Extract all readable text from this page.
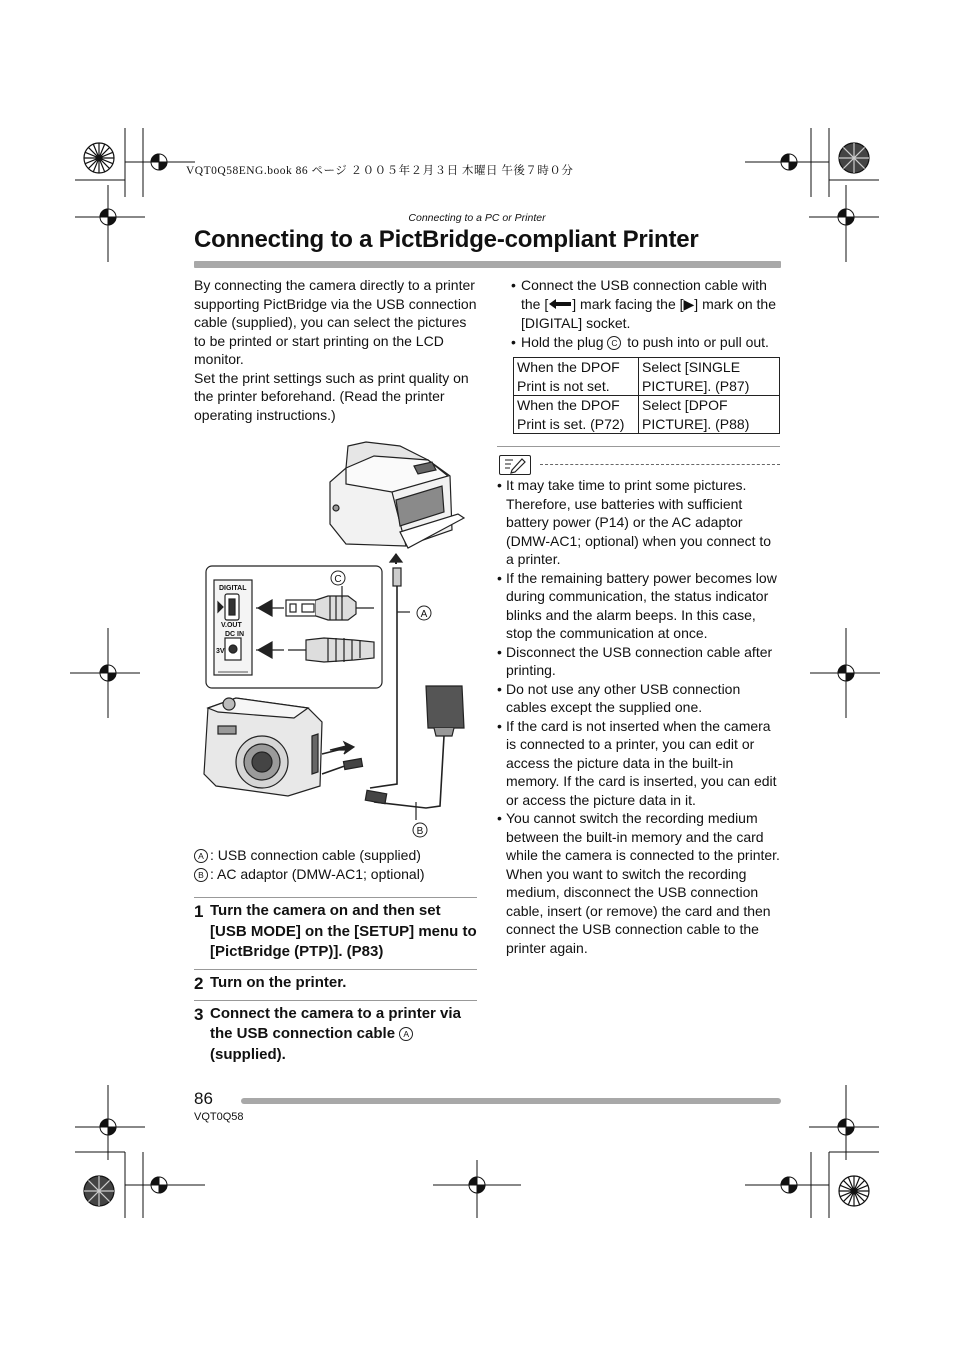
VQT0Q58ENG.book 86 ページ ２００５年２月３日 木曜日 午後７時０分
Connecting to a PC or Printer
Connecting to a PictBridge-compliant Printer

By connecting the camera directly to a printer supporting PictBridge via the USB connection cable (supplied), you can select the pictures to be printed or start printing on the LCD monitor.

Set the print settings such as print quality on the printer beforehand. (Read the printer operating instructions.)

DIGITAL
V.OUT
DC IN
3V
C
A
B
A : USB connection cable (supplied)
B : AC adaptor (DMW-AC1; optional)
1 Turn the camera on and then set [USB MODE] on the [SETUP] menu to [PictBridge (PTP)]. (P83)
2 Turn on the printer.
3 Connect the camera to a printer via the USB connection cable A (supplied).
• Connect the USB connection cable with the [ ] mark facing the [▶] mark on the [DIGITAL] socket.
• Hold the plug C to push into or pull out.
When the DPOF Print is not set.	Select [SINGLE PICTURE]. (P87)
When the DPOF Print is set. (P72)	Select [DPOF PICTURE]. (P88)
• It may take time to print some pictures. Therefore, use batteries with sufficient battery power (P14) or the AC adaptor (DMW-AC1; optional) when you connect to a printer.
• If the remaining battery power becomes low during communication, the status indicator blinks and the alarm beeps. In this case, stop the communication at once.
• Disconnect the USB connection cable after printing.
• Do not use any other USB connection cables except the supplied one.
• If the card is not inserted when the camera is connected to a printer, you can edit or access the picture data in the built-in memory. If the card is inserted, you can edit or access the picture data in it.
• You cannot switch the recording medium between the built-in memory and the card while the camera is connected to the printer. When you want to switch the recording medium, disconnect the USB connection cable, insert (or remove) the card and then connect the USB connection cable to the printer again.
86
VQT0Q58
